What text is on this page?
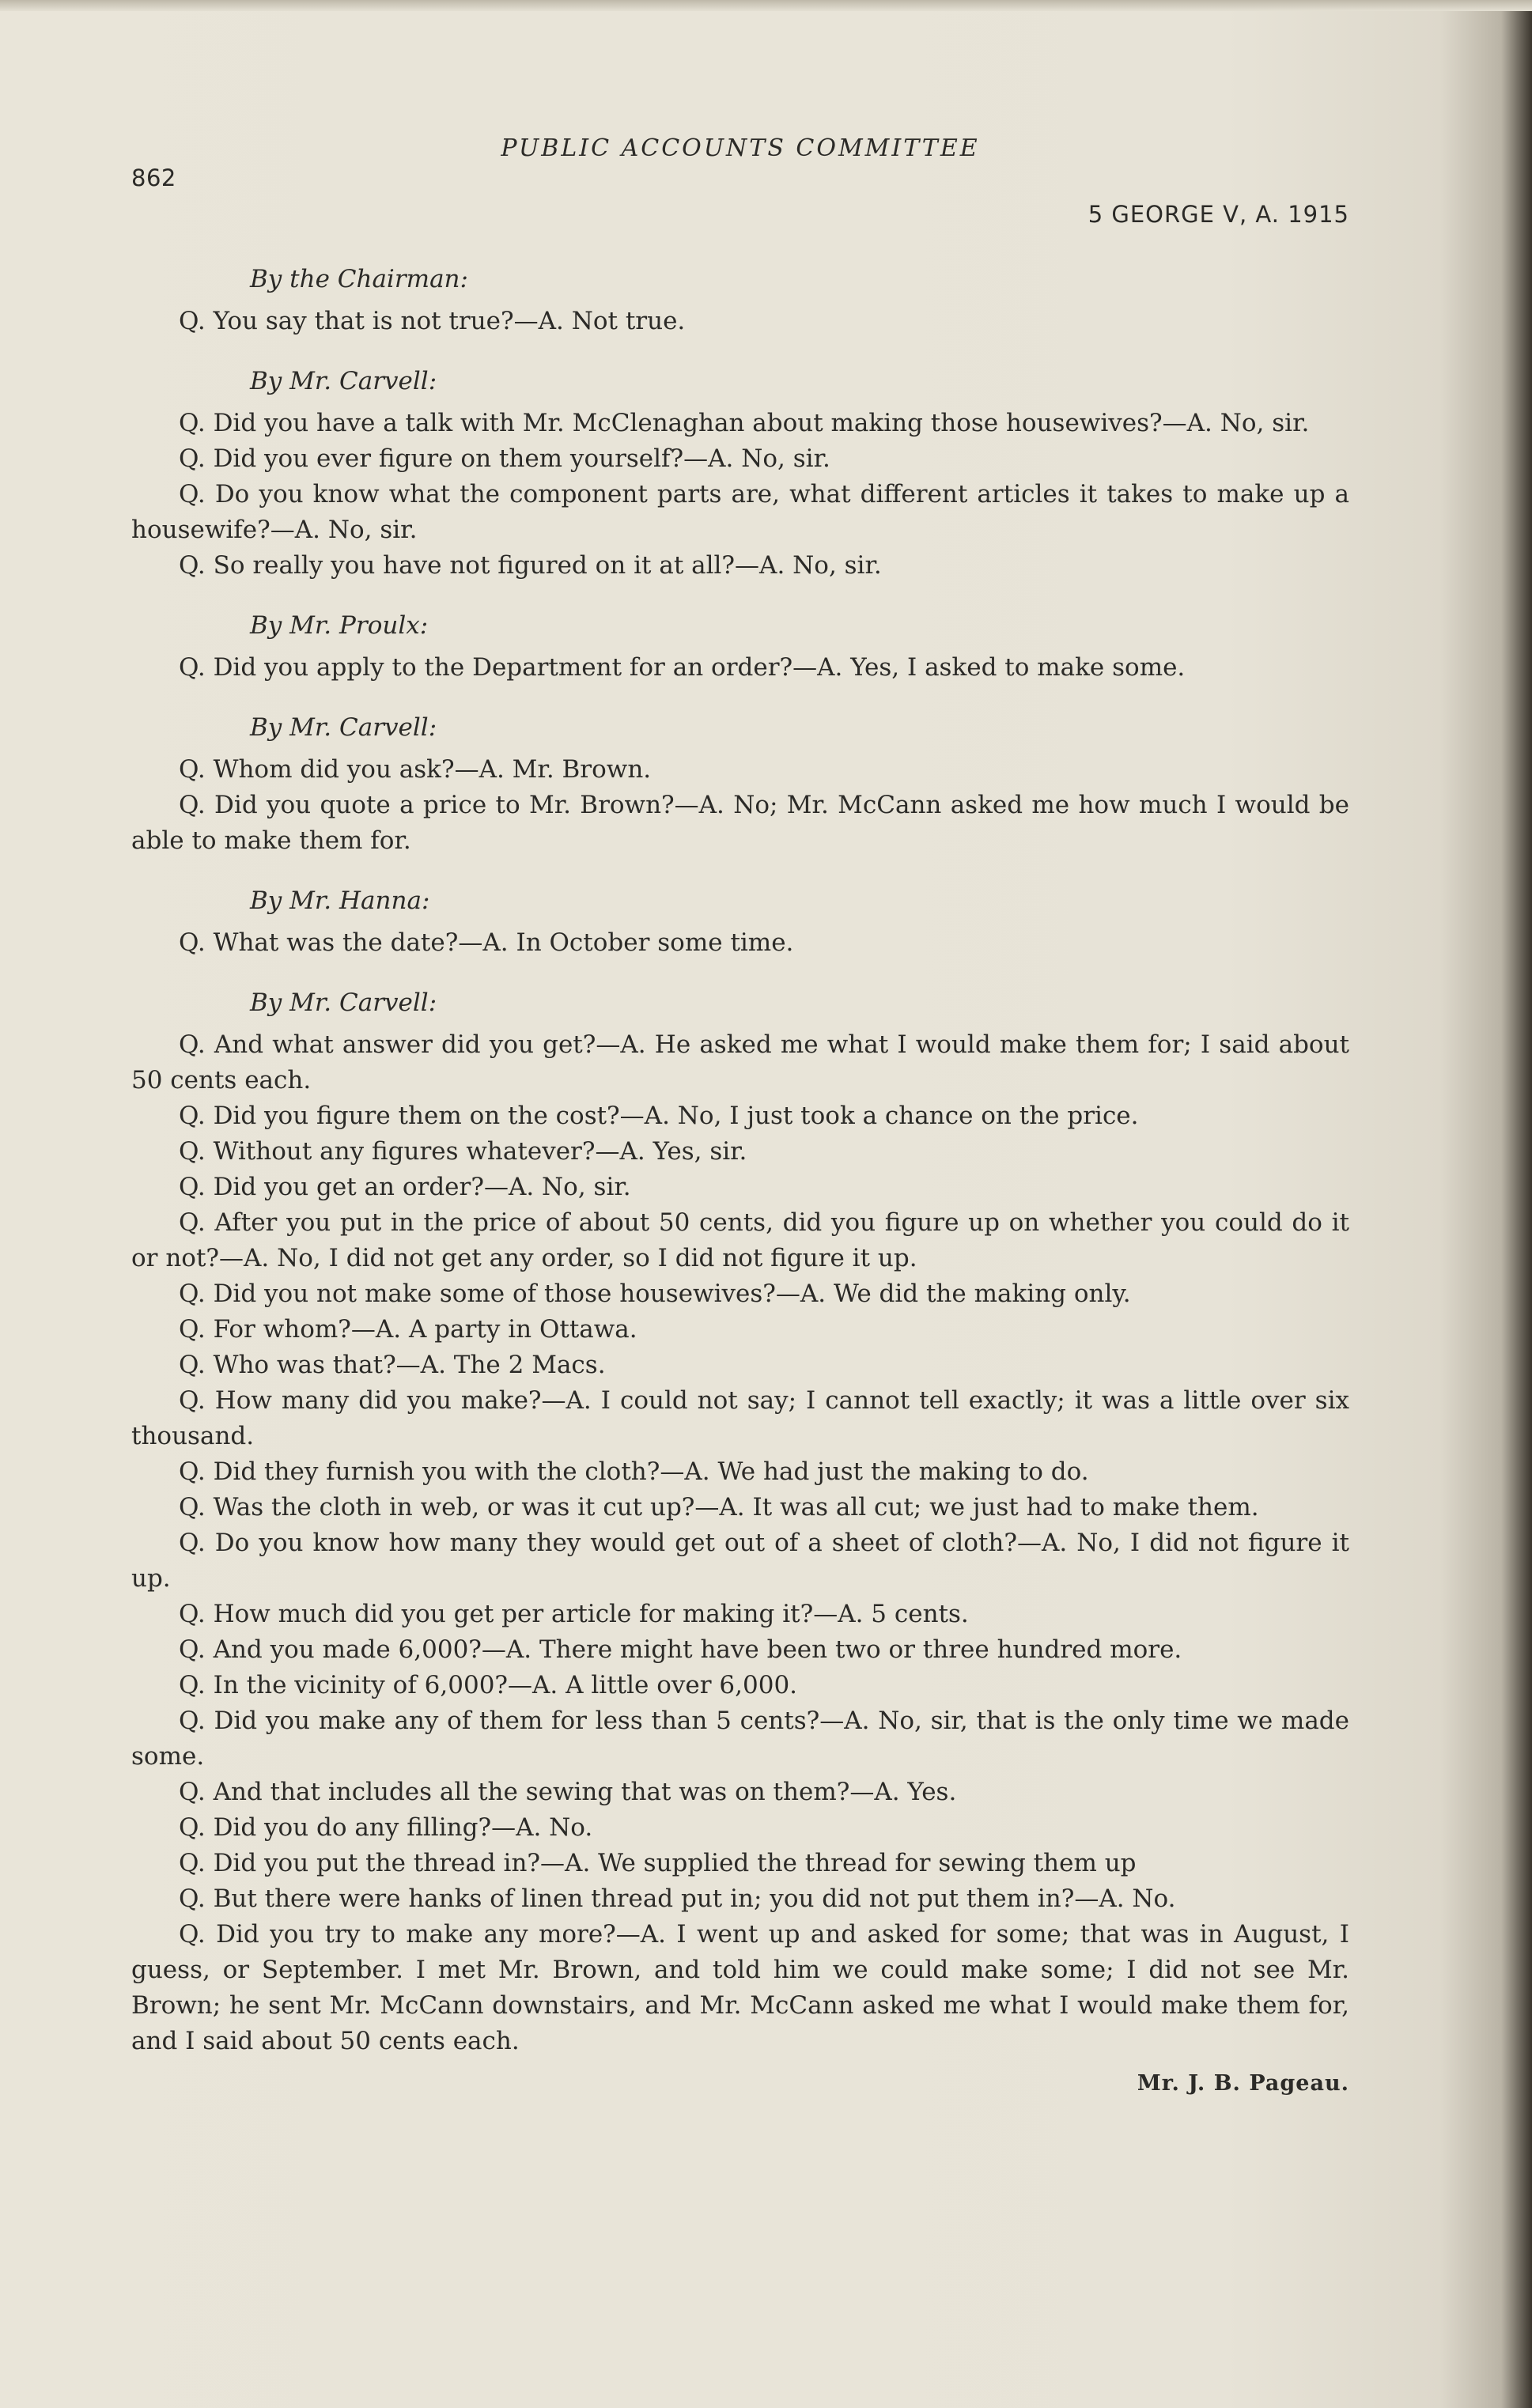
862
PUBLIC ACCOUNTS COMMITTEE
5 GEORGE V, A. 1915
By the Chairman:

Q. You say that is not true?—A. Not true.

By Mr. Carvell:

Q. Did you have a talk with Mr. McClenaghan about making those housewives?—A. No, sir.

Q. Did you ever figure on them yourself?—A. No, sir.

Q. Do you know what the component parts are, what different articles it takes to make up a housewife?—A. No, sir.

Q. So really you have not figured on it at all?—A. No, sir.

By Mr. Proulx:

Q. Did you apply to the Department for an order?—A. Yes, I asked to make some.

By Mr. Carvell:

Q. Whom did you ask?—A. Mr. Brown.

Q. Did you quote a price to Mr. Brown?—A. No; Mr. McCann asked me how much I would be able to make them for.

By Mr. Hanna:

Q. What was the date?—A. In October some time.

By Mr. Carvell:

Q. And what answer did you get?—A. He asked me what I would make them for; I said about 50 cents each.

Q. Did you figure them on the cost?—A. No, I just took a chance on the price.

Q. Without any figures whatever?—A. Yes, sir.

Q. Did you get an order?—A. No, sir.

Q. After you put in the price of about 50 cents, did you figure up on whether you could do it or not?—A. No, I did not get any order, so I did not figure it up.

Q. Did you not make some of those housewives?—A. We did the making only.

Q. For whom?—A. A party in Ottawa.

Q. Who was that?—A. The 2 Macs.

Q. How many did you make?—A. I could not say; I cannot tell exactly; it was a little over six thousand.

Q. Did they furnish you with the cloth?—A. We had just the making to do.

Q. Was the cloth in web, or was it cut up?—A. It was all cut; we just had to make them.

Q. Do you know how many they would get out of a sheet of cloth?—A. No, I did not figure it up.

Q. How much did you get per article for making it?—A. 5 cents.

Q. And you made 6,000?—A. There might have been two or three hundred more.

Q. In the vicinity of 6,000?—A. A little over 6,000.

Q. Did you make any of them for less than 5 cents?—A. No, sir, that is the only time we made some.

Q. And that includes all the sewing that was on them?—A. Yes.

Q. Did you do any filling?—A. No.

Q. Did you put the thread in?—A. We supplied the thread for sewing them up

Q. But there were hanks of linen thread put in; you did not put them in?—A. No.

Q. Did you try to make any more?—A. I went up and asked for some; that was in August, I guess, or September. I met Mr. Brown, and told him we could make some; I did not see Mr. Brown; he sent Mr. McCann downstairs, and Mr. McCann asked me what I would make them for, and I said about 50 cents each.

Mr. J. B. Pageau.
